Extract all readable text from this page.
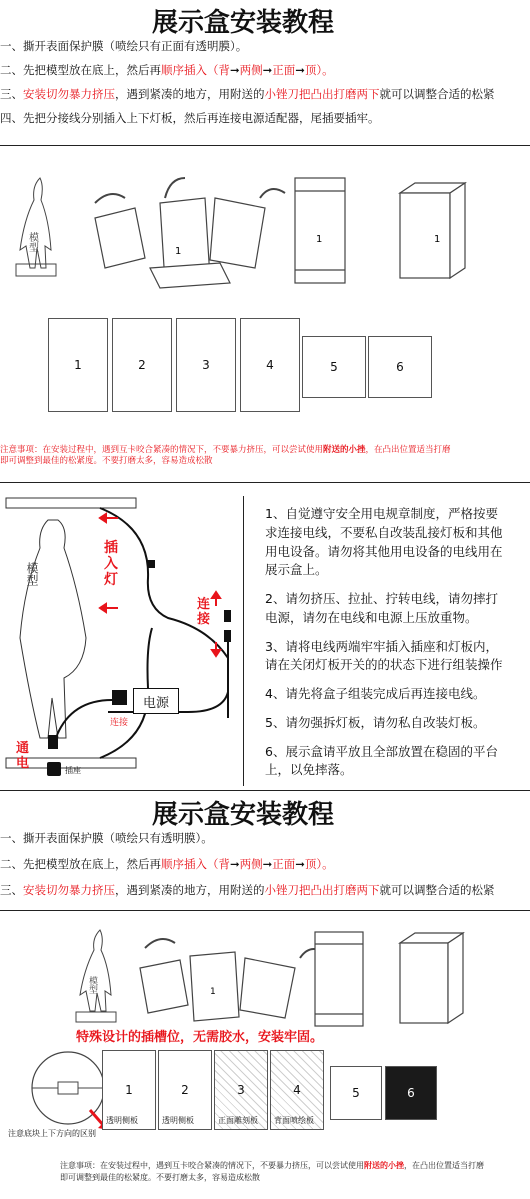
展示盒安装教程
一、撕开表面保护膜（喷绘只有正面有透明膜）。
二、先把模型放在底上，然后再顺序插入（背➞两侧➞正面➞顶）。
三、安装切勿暴力挤压，遇到紧凑的地方，用附送的小锉刀把凸出打磨两下就可以调整合适的松紧
四、先把分接线分别插入上下灯板，然后再连接电源适配器，尾插要插牢。
模型	1
1	1
1	2	3	4	5	6
注意事项：在安装过程中，遇到互卡咬合紧凑的情况下，不要暴力挤压，可以尝试使用附送的小挫，在凸出位置适当打磨
即可调整到最佳的松紧度。不要打磨太多，容易造成松散
模型
插入灯
连接
电源
连接
通电	插座

1、自觉遵守安全用电规章制度，严格按要
求连接电线，不要私自改装乱接灯板和其他
用电设备。请勿将其他用电设备的电线用在
展示盒上。

2、请勿挤压、拉扯、拧转电线，请勿摔打
电源，请勿在电线和电源上压放重物。

3、请将电线两端牢牢插入插座和灯板内，
请在关闭灯板开关的的状态下进行组装操作

4、请先将盒子组装完成后再连接电线。

5、请勿强拆灯板，请勿私自改装灯板。

6、展示盒请平放且全部放置在稳固的平台
上，以免摔落。

展示盒安装教程
一、撕开表面保护膜（喷绘只有透明膜）。
二、先把模型放在底上，然后再顺序插入（背➞两侧➞正面➞顶）。
三、安装切勿暴力挤压，遇到紧凑的地方，用附送的小锉刀把凸出打磨两下就可以调整合适的松紧
模型	1
特殊设计的插槽位，无需胶水，安装牢固。
注意底块上下方向的区别
1	2	3	4	5	6
透明侧板	透明侧板	正面雕刻板 背面喷绘板
注意事项：在安装过程中，遇到互卡咬合紧凑的情况下，不要暴力挤压，可以尝试使用附送的小挫，在凸出位置适当打磨
即可调整到最佳的松紧度。不要打磨太多，容易造成松散
